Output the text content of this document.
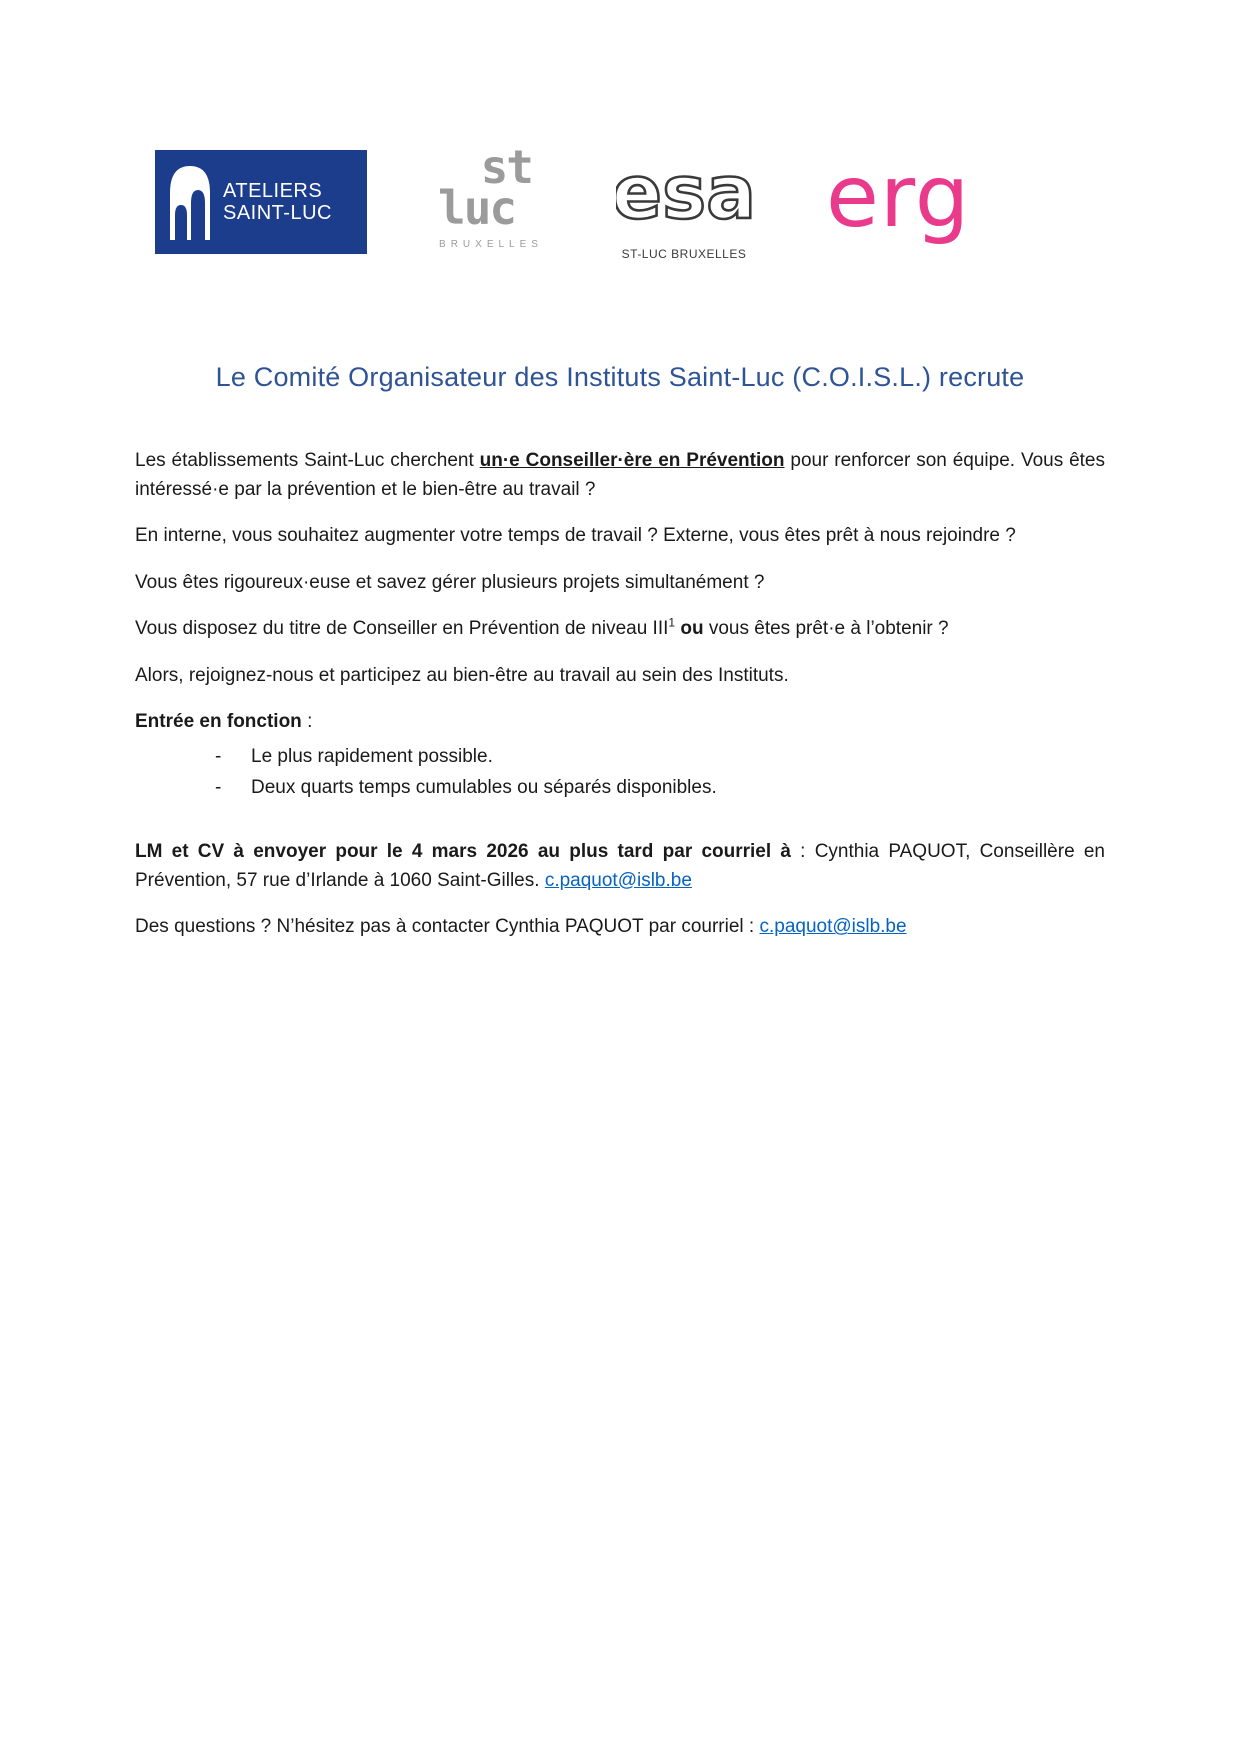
ATELIERS
SAINT-LUC
st
luc
BRUXELLES
esa
ST-LUC BRUXELLES
erg
Le Comité Organisateur des Instituts Saint-Luc (C.O.I.S.L.) recrute

Les établissements Saint-Luc cherchent un·e Conseiller·ère en Prévention pour renforcer son équipe. Vous êtes intéressé·e par la prévention et le bien-être au travail ?

En interne, vous souhaitez augmenter votre temps de travail ? Externe, vous êtes prêt à nous rejoindre ?

Vous êtes rigoureux·euse et savez gérer plusieurs projets simultanément ?

Vous disposez du titre de Conseiller en Prévention de niveau III$^1$ ou vous êtes prêt·e à l’obtenir ?

Alors, rejoignez-nous et participez au bien-être au travail au sein des Instituts.

Entrée en fonction :

-	Le plus rapidement possible.
-	Deux quarts temps cumulables ou séparés disponibles.

LM et CV à envoyer pour le 4 mars 2026 au plus tard par courriel à : Cynthia PAQUOT, Conseillère en Prévention, 57 rue d’Irlande à 1060 Saint-Gilles. c.paquot@islb.be

Des questions ? N’hésitez pas à contacter Cynthia PAQUOT par courriel : c.paquot@islb.be
